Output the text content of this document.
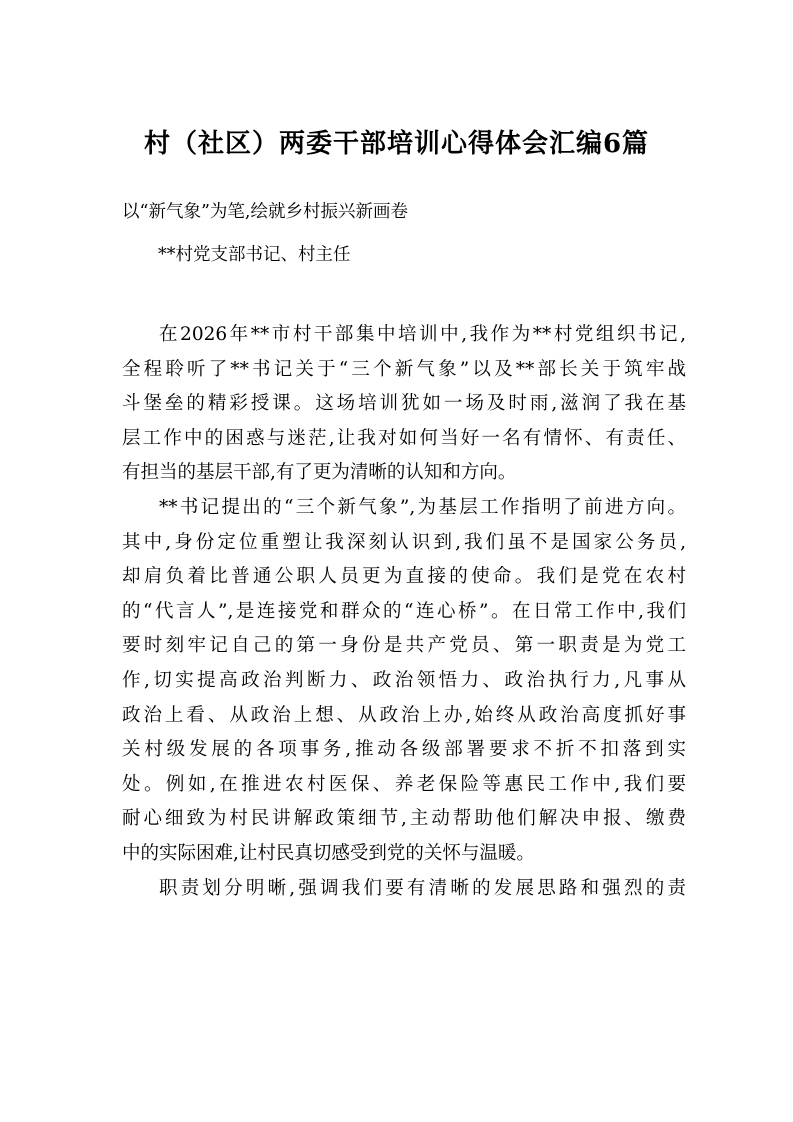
村（社区）两委干部培训心得体会汇编6篇
以“新气象”为笔,绘就乡村振兴新画卷
**村党支部书记、村主任
在2026年**市村干部集中培训中,我作为**村党组织书记,
全程聆听了**书记关于“三个新气象”以及**部长关于筑牢战
斗堡垒的精彩授课。这场培训犹如一场及时雨,滋润了我在基
层工作中的困惑与迷茫,让我对如何当好一名有情怀、有责任、
有担当的基层干部,有了更为清晰的认知和方向。
**书记提出的“三个新气象”,为基层工作指明了前进方向。
其中,身份定位重塑让我深刻认识到,我们虽不是国家公务员,
却肩负着比普通公职人员更为直接的使命。我们是党在农村
的“代言人”,是连接党和群众的“连心桥”。在日常工作中,我们
要时刻牢记自己的第一身份是共产党员、第一职责是为党工
作,切实提高政治判断力、政治领悟力、政治执行力,凡事从
政治上看、从政治上想、从政治上办,始终从政治高度抓好事
关村级发展的各项事务,推动各级部署要求不折不扣落到实
处。例如,在推进农村医保、养老保险等惠民工作中,我们要
耐心细致为村民讲解政策细节,主动帮助他们解决申报、缴费
中的实际困难,让村民真切感受到党的关怀与温暖。
职责划分明晰,强调我们要有清晰的发展思路和强烈的责
